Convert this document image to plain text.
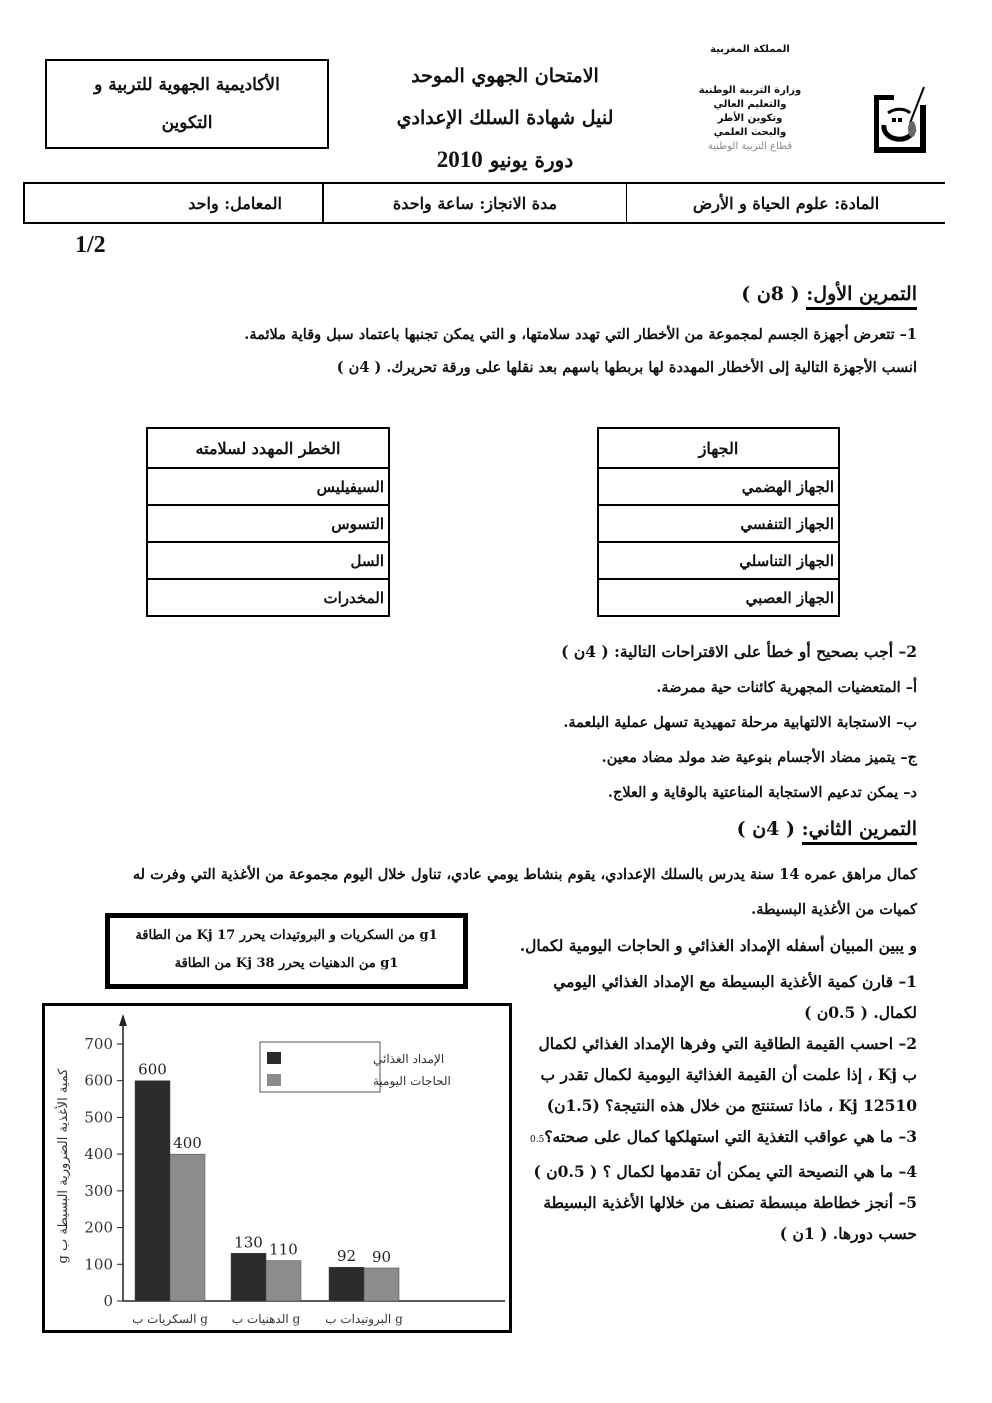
الأكاديمية الجهوية للتربية و
التكوين
الامتحان الجهوي الموحد
لنيل شهادة السلك الإعدادي
دورة يونيو 2010
المملكة المغربية
وزارة التربية الوطنية
والتعليم العالي
وتكوين الأطر
والبحث العلمي
قطاع التربية الوطنية
المادة: علوم الحياة و الأرض
مدة الانجاز: ساعة واحدة
المعامل: واحد
1/2
التمرين الأول: ( 8ن )
1– تتعرض أجهزة الجسم لمجموعة من الأخطار التي تهدد سلامتها، و التي يمكن تجنبها باعتماد سبل وقاية ملائمة.
انسب الأجهزة التالية إلى الأخطار المهددة لها بربطها باسهم بعد نقلها على ورقة تحريرك. ( 4ن )
الجهاز
الجهاز الهضمي
الجهاز التنفسي
الجهاز التناسلي
الجهاز العصبي
الخطر المهدد لسلامته
السيفيليس
التسوس
السل
المخدرات
2– أجب بصحيح أو خطأ على الاقتراحات التالية: ( 4ن )
أ– المتعضيات المجهرية كائنات حية ممرضة.
ب– الاستجابة الالتهابية مرحلة تمهيدية تسهل عملية البلعمة.
ج– يتميز مضاد الأجسام بنوعية ضد مولد مضاد معين.
د– يمكن تدعيم الاستجابة المناعتية بالوقاية و العلاج.
التمرين الثاني: ( 4ن )
كمال مراهق عمره 14 سنة يدرس بالسلك الإعدادي، يقوم بنشاط يومي عادي، تناول خلال اليوم مجموعة من الأغذية التي وفرت له
كميات من الأغذية البسيطة.
و يبين المبيان أسفله الإمداد الغذائي و الحاجات اليومية لكمال.
g1 من السكريات و البروتيدات يحرر 17 Kj من الطاقة
g1 من الدهنيات يحرر 38 Kj من الطاقة
1– قارن كمية الأغذية البسيطة مع الإمداد الغذائي اليومي
لكمال. ( 0.5ن )
2– احسب القيمة الطاقية التي وفرها الإمداد الغذائي لكمال
ب Kj ، إذا علمت أن القيمة الغذائية اليومية لكمال تقدر ب
Kj 12510 ، ماذا تستنتج من خلال هذه النتيجة؟ (1.5ن)
3– ما هي عواقب التغذية التي استهلكها كمال على صحته؟0.5
4– ما هي النصيحة التي يمكن أن تقدمها لكمال ؟ ( 0.5ن )
5– أنجز خطاطة مبسطة تصنف من خلالها الأغذية البسيطة
حسب دورها. ( 1ن )
كمية الأغذية الضرورية البسيطة ب g
0
100
200
300
400
500
600
700
600
400
السكريات ب g
130 110
الدهنيات ب g
92 90
البروتيدات ب g
الإمداد الغذائي
الحاجات اليومية
